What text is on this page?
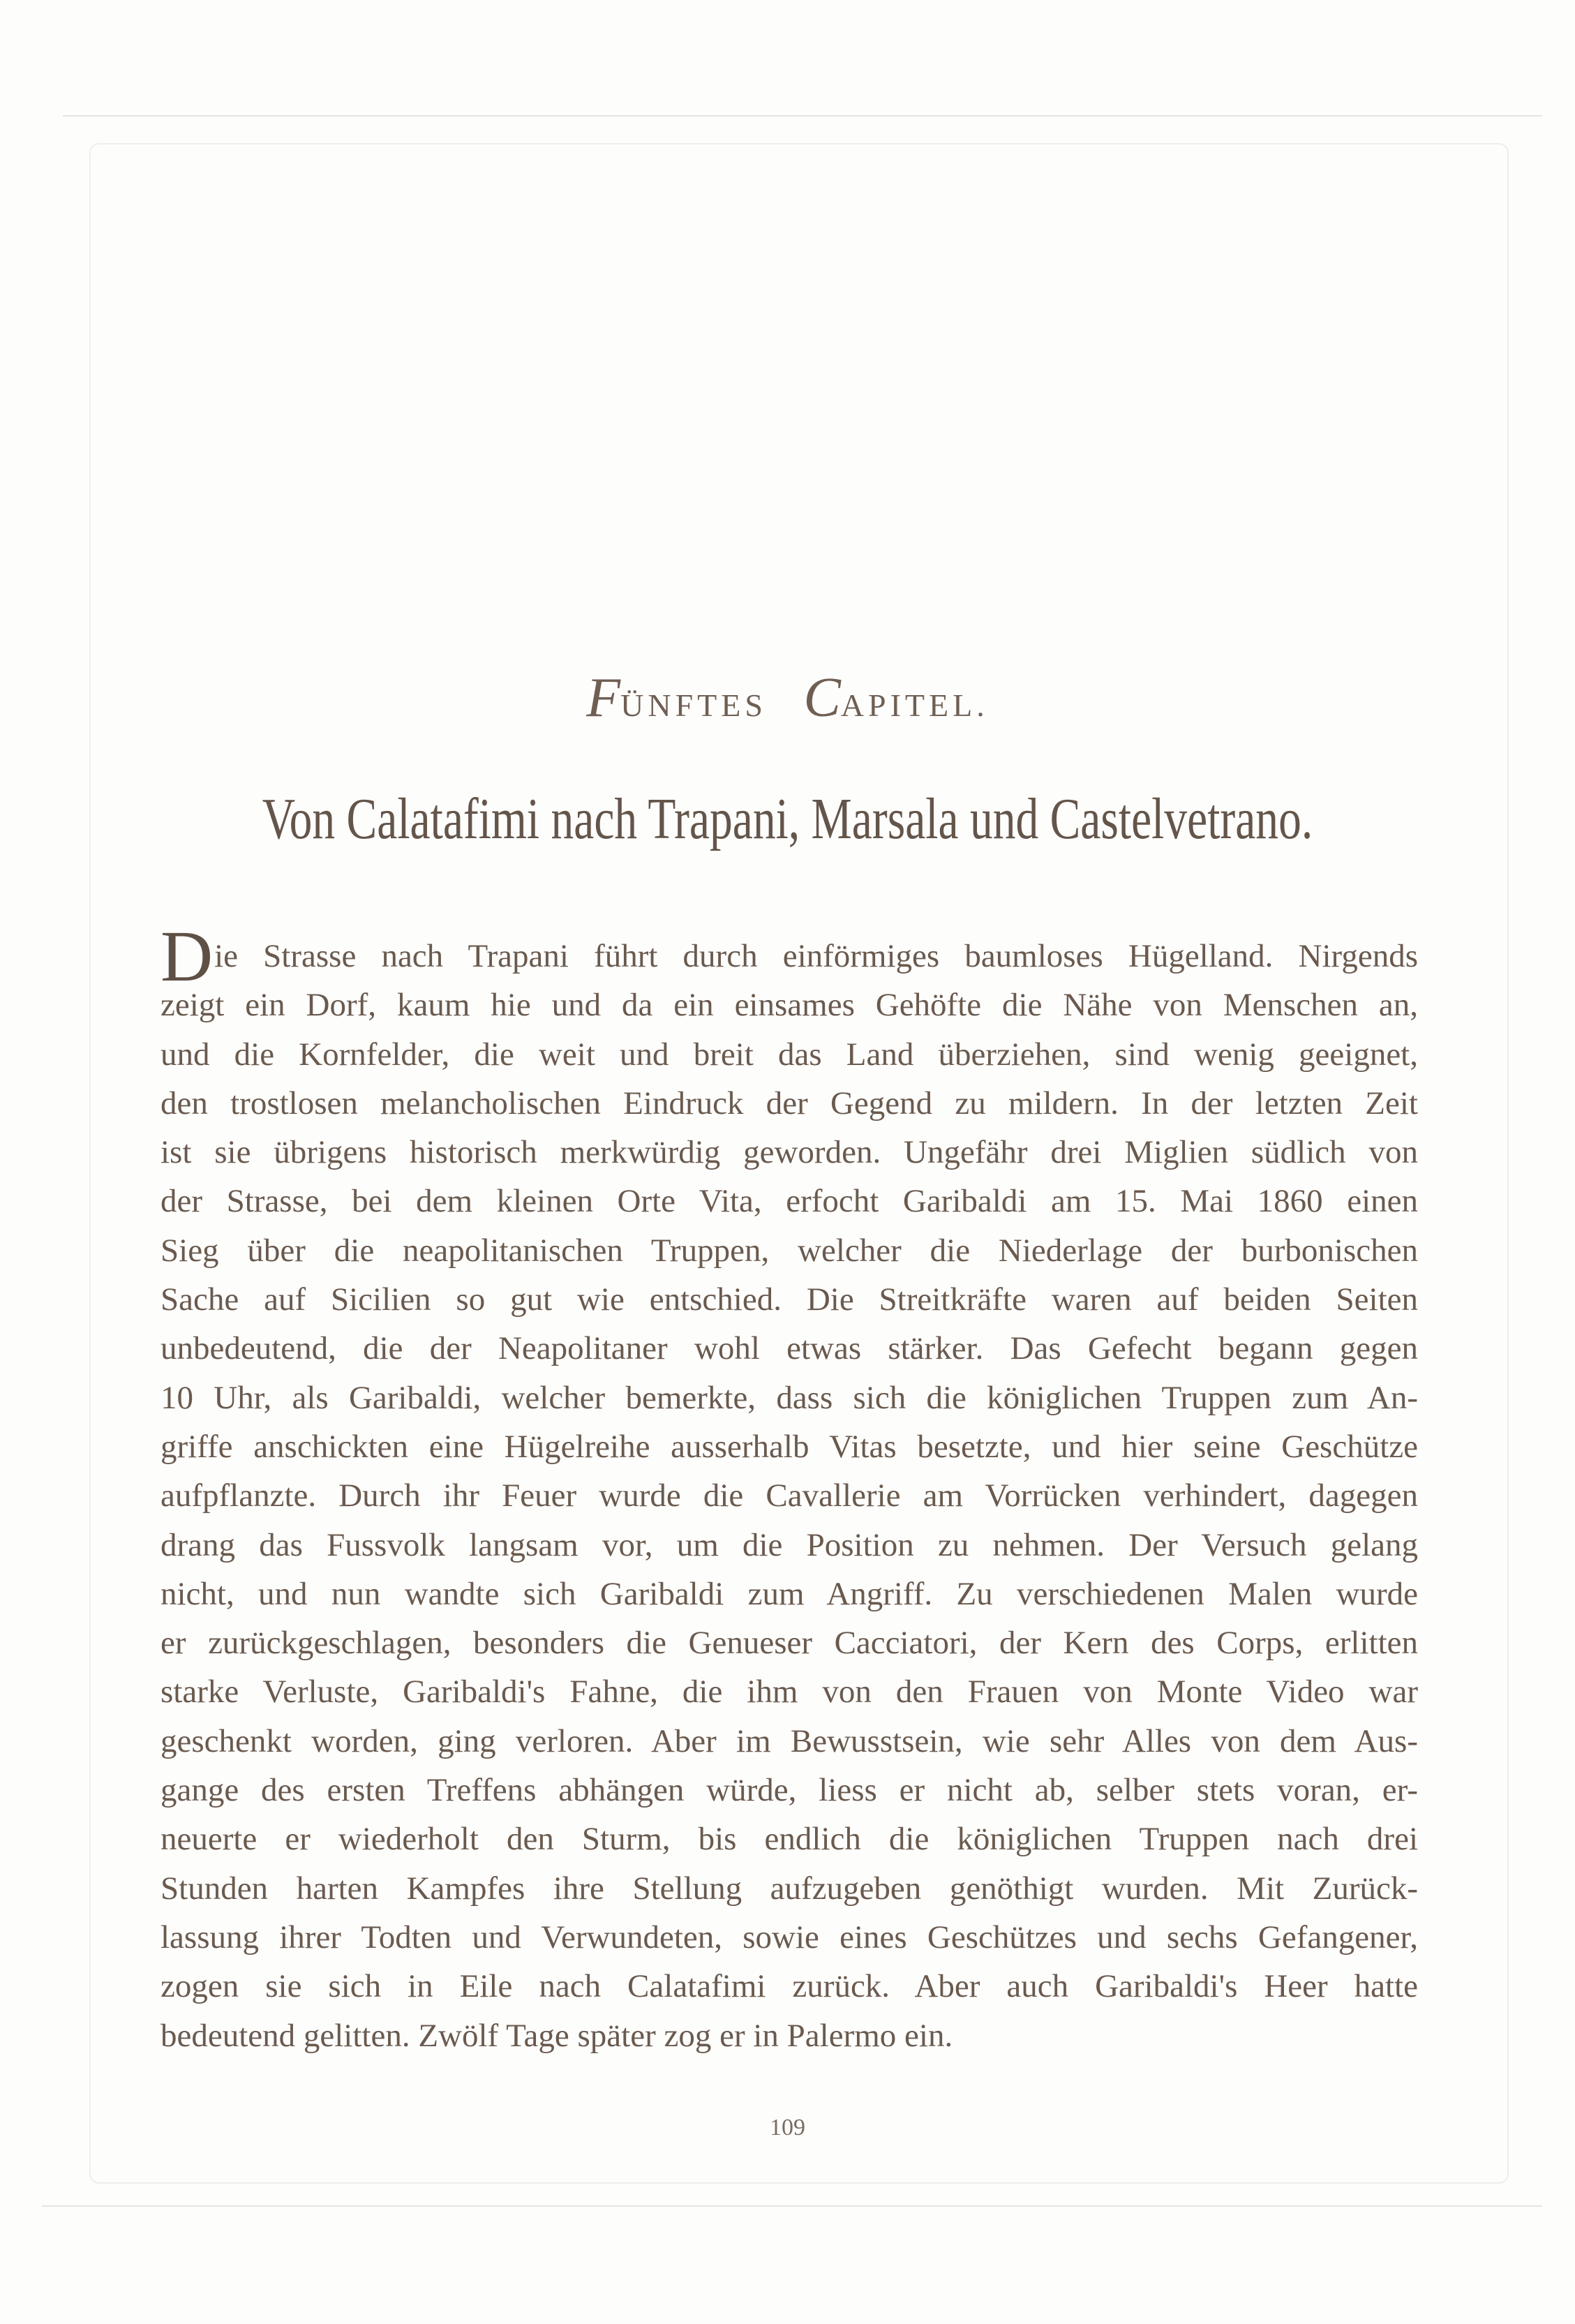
FÜNFTES CAPITEL.
Von Calatafimi nach Trapani, Marsala und Castelvetrano.
Die Strasse nach Trapani führt durch einförmiges baumloses Hügelland. Nirgends
zeigt ein Dorf, kaum hie und da ein einsames Gehöfte die Nähe von Menschen an,
und die Kornfelder, die weit und breit das Land überziehen, sind wenig geeignet,
den trostlosen melancholischen Eindruck der Gegend zu mildern. In der letzten Zeit
ist sie übrigens historisch merkwürdig geworden. Ungefähr drei Miglien südlich von
der Strasse, bei dem kleinen Orte Vita, erfocht Garibaldi am 15. Mai 1860 einen
Sieg über die neapolitanischen Truppen, welcher die Niederlage der burbonischen
Sache auf Sicilien so gut wie entschied. Die Streitkräfte waren auf beiden Seiten
unbedeutend, die der Neapolitaner wohl etwas stärker. Das Gefecht begann gegen
10 Uhr, als Garibaldi, welcher bemerkte, dass sich die königlichen Truppen zum An-
griffe anschickten eine Hügelreihe ausserhalb Vitas besetzte, und hier seine Geschütze
aufpflanzte. Durch ihr Feuer wurde die Cavallerie am Vorrücken verhindert, dagegen
drang das Fussvolk langsam vor, um die Position zu nehmen. Der Versuch gelang
nicht, und nun wandte sich Garibaldi zum Angriff. Zu verschiedenen Malen wurde
er zurückgeschlagen, besonders die Genueser Cacciatori, der Kern des Corps, erlitten
starke Verluste, Garibaldi's Fahne, die ihm von den Frauen von Monte Video war
geschenkt worden, ging verloren. Aber im Bewusstsein, wie sehr Alles von dem Aus-
gange des ersten Treffens abhängen würde, liess er nicht ab, selber stets voran, er-
neuerte er wiederholt den Sturm, bis endlich die königlichen Truppen nach drei
Stunden harten Kampfes ihre Stellung aufzugeben genöthigt wurden. Mit Zurück-
lassung ihrer Todten und Verwundeten, sowie eines Geschützes und sechs Gefangener,
zogen sie sich in Eile nach Calatafimi zurück. Aber auch Garibaldi's Heer hatte
bedeutend gelitten. Zwölf Tage später zog er in Palermo ein.
109
